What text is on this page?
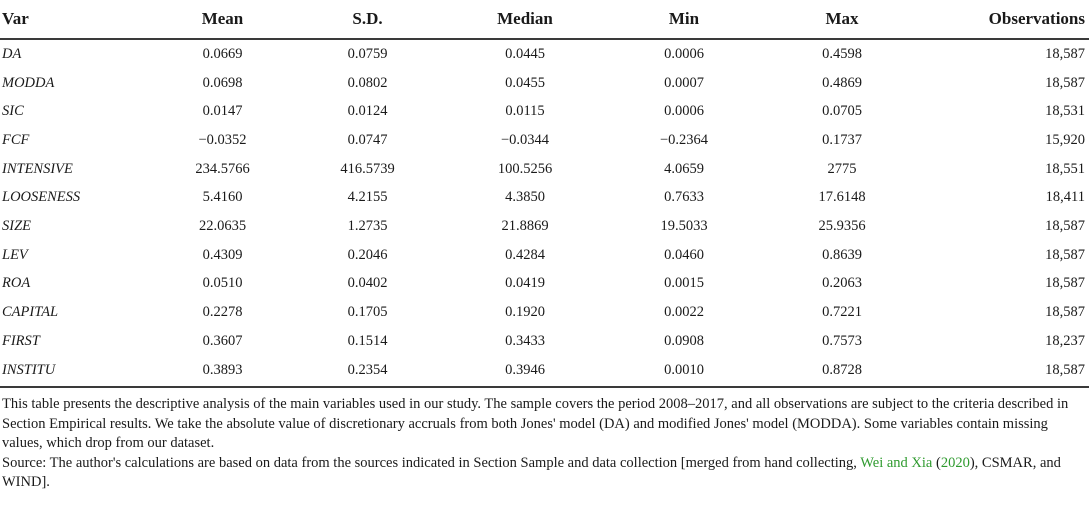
Var	Mean	S.D.	Median	Min	Max	Observations
DA	0.0669	0.0759	0.0445	0.0006	0.4598	18,587
MODDA	0.0698	0.0802	0.0455	0.0007	0.4869	18,587
SIC	0.0147	0.0124	0.0115	0.0006	0.0705	18,531
FCF	−0.0352	0.0747	−0.0344	−0.2364	0.1737	15,920
INTENSIVE	234.5766	416.5739	100.5256	4.0659	2775	18,551
LOOSENESS	5.4160	4.2155	4.3850	0.7633	17.6148	18,411
SIZE	22.0635	1.2735	21.8869	19.5033	25.9356	18,587
LEV	0.4309	0.2046	0.4284	0.0460	0.8639	18,587
ROA	0.0510	0.0402	0.0419	0.0015	0.2063	18,587
CAPITAL	0.2278	0.1705	0.1920	0.0022	0.7221	18,587
FIRST	0.3607	0.1514	0.3433	0.0908	0.7573	18,237
INSTITU	0.3893	0.2354	0.3946	0.0010	0.8728	18,587

This table presents the descriptive analysis of the main variables used in our study. The sample covers the period 2008–2017, and all observations are subject to the criteria described in Section Empirical results. We take the absolute value of discretionary accruals from both Jones' model (DA) and modified Jones' model (MODDA). Some variables contain missing values, which drop from our dataset.

Source: The author's calculations are based on data from the sources indicated in Section Sample and data collection [merged from hand collecting, Wei and Xia (2020), CSMAR, and WIND].
